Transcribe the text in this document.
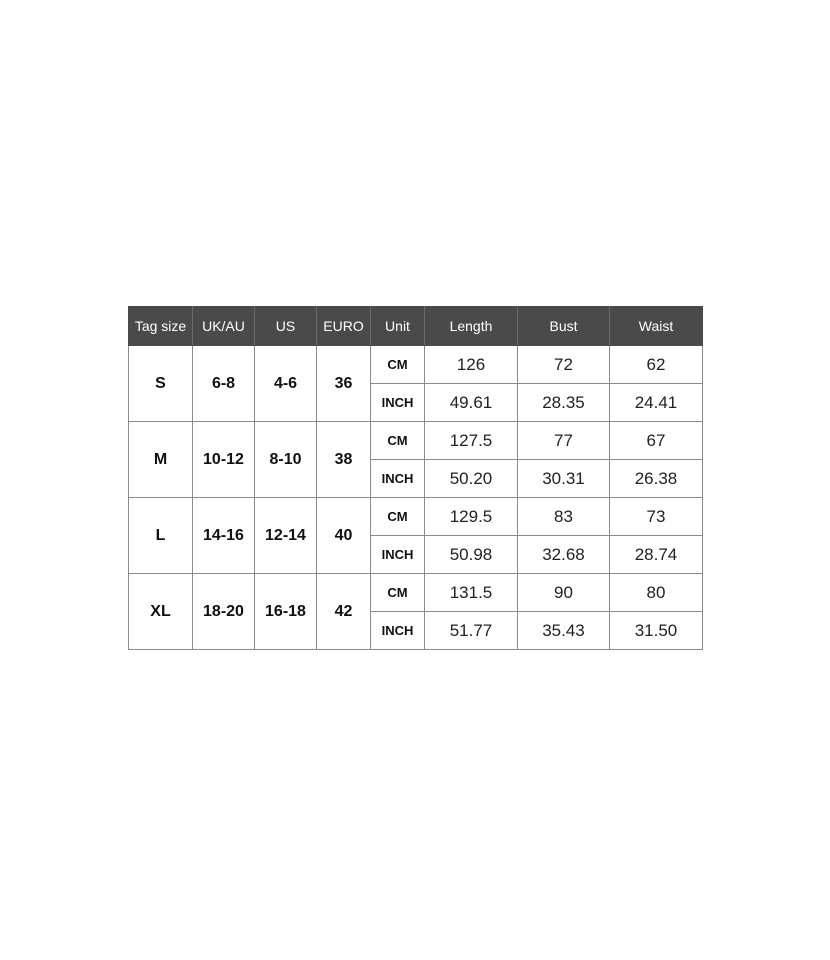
Tag size	UK/AU	US	EURO	Unit	Length	Bust	Waist
S	6-8	4-6	36	CM	126	72	62
				INCH	49.61	28.35	24.41
M	10-12	8-10	38	CM	127.5	77	67
				INCH	50.20	30.31	26.38
L	14-16	12-14	40	CM	129.5	83	73
				INCH	50.98	32.68	28.74
XL	18-20	16-18	42	CM	131.5	90	80
				INCH	51.77	35.43	31.50
